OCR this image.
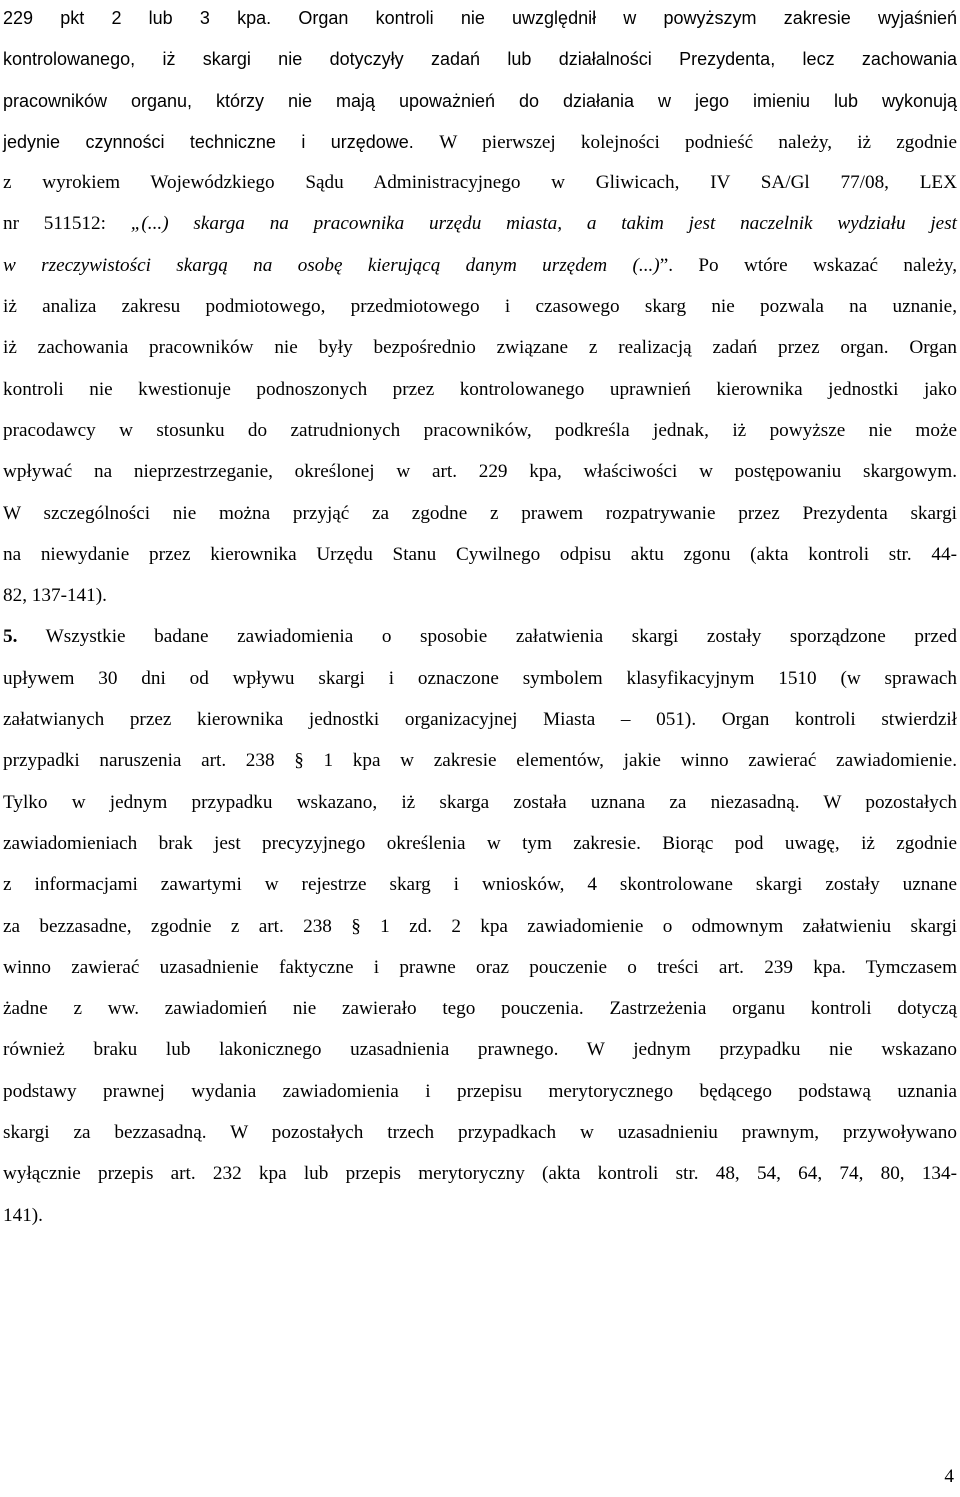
229 pkt 2 lub 3 kpa. Organ kontroli nie uwzględnił w powyższym zakresie wyjaśnień
kontrolowanego, iż skargi nie dotyczyły zadań lub działalności Prezydenta, lecz zachowania
pracowników organu, którzy nie mają upoważnień do działania w jego imieniu lub wykonują
jedynie czynności techniczne i urzędowe. W pierwszej kolejności podnieść należy, iż zgodnie
z wyrokiem Wojewódzkiego Sądu Administracyjnego w Gliwicach, IV SA/Gl 77/08, LEX
nr 511512: „(...) skarga na pracownika urzędu miasta, a takim jest naczelnik wydziału jest
w rzeczywistości skargą na osobę kierującą danym urzędem (...)”. Po wtóre wskazać należy,
iż analiza zakresu podmiotowego, przedmiotowego i czasowego skarg nie pozwala na uznanie,
iż zachowania pracowników nie były bezpośrednio związane z realizacją zadań przez organ. Organ
kontroli nie kwestionuje podnoszonych przez kontrolowanego uprawnień kierownika jednostki jako
pracodawcy w stosunku do zatrudnionych pracowników, podkreśla jednak, iż powyższe nie może
wpływać na nieprzestrzeganie, określonej w art. 229 kpa, właściwości w postępowaniu skargowym.
W szczególności nie można przyjąć za zgodne z prawem rozpatrywanie przez Prezydenta skargi
na niewydanie przez kierownika Urzędu Stanu Cywilnego odpisu aktu zgonu (akta kontroli str. 44-
82, 137-141).
5. Wszystkie badane zawiadomienia o sposobie załatwienia skargi zostały sporządzone przed
upływem 30 dni od wpływu skargi i oznaczone symbolem klasyfikacyjnym 1510 (w sprawach
załatwianych przez kierownika jednostki organizacyjnej Miasta – 051). Organ kontroli stwierdził
przypadki naruszenia art. 238 § 1 kpa w zakresie elementów, jakie winno zawierać zawiadomienie.
Tylko w jednym przypadku wskazano, iż skarga została uznana za niezasadną. W pozostałych
zawiadomieniach brak jest precyzyjnego określenia w tym zakresie. Biorąc pod uwagę, iż zgodnie
z informacjami zawartymi w rejestrze skarg i wniosków, 4 skontrolowane skargi zostały uznane
za bezzasadne, zgodnie z art. 238 § 1 zd. 2 kpa zawiadomienie o odmownym załatwieniu skargi
winno zawierać uzasadnienie faktyczne i prawne oraz pouczenie o treści art. 239 kpa. Tymczasem
żadne z ww. zawiadomień nie zawierało tego pouczenia. Zastrzeżenia organu kontroli dotyczą
również braku lub lakonicznego uzasadnienia prawnego. W jednym przypadku nie wskazano
podstawy prawnej wydania zawiadomienia i przepisu merytorycznego będącego podstawą uznania
skargi za bezzasadną. W pozostałych trzech przypadkach w uzasadnieniu prawnym, przywoływano
wyłącznie przepis art. 232 kpa lub przepis merytoryczny (akta kontroli str. 48, 54, 64, 74, 80, 134-
141).
4
